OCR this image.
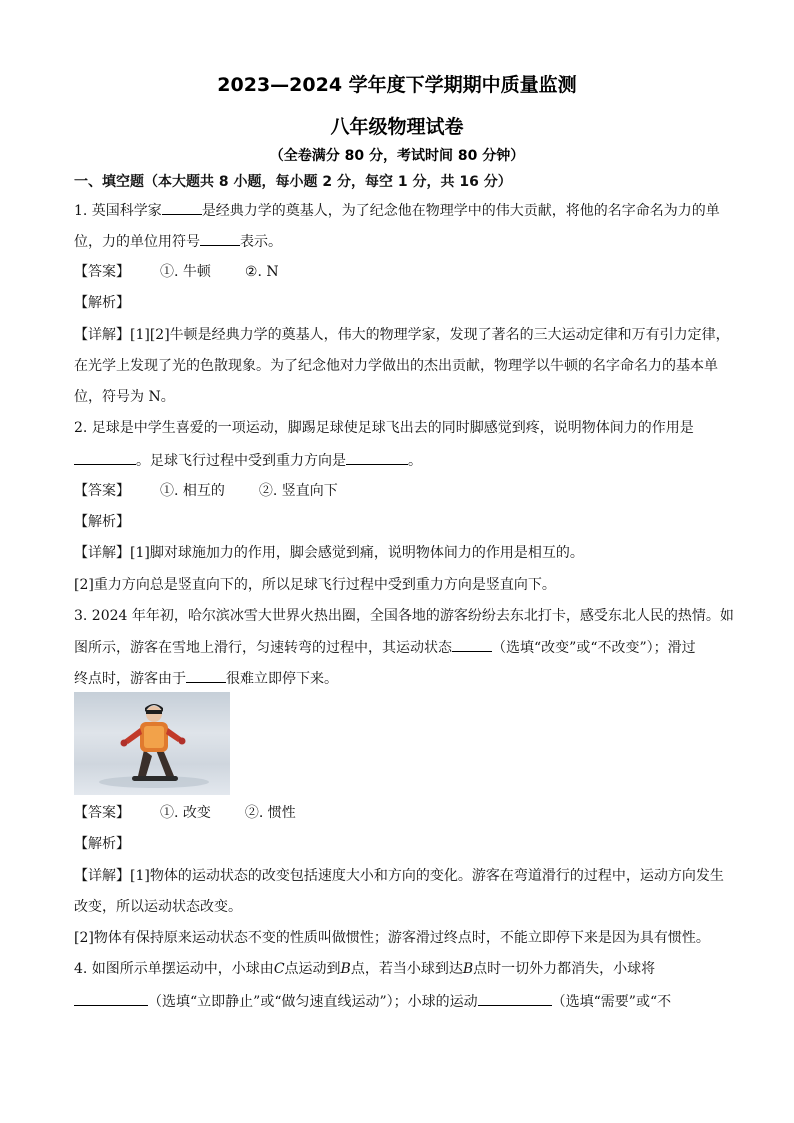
2023—2024 学年度下学期期中质量监测
八年级物理试卷
（全卷满分 80 分，考试时间 80 分钟）
一、填空题（本大题共 8 小题，每小题 2 分，每空 1 分，共 16 分）
1. 英国科学家	是经典力学的奠基人，为了纪念他在物理学中的伟大贡献，将他的名字命名为力的单
位，力的单位用符号	表示。
【答案】 ①. 牛顿 ②. N
【解析】
【详解】[1][2]牛顿是经典力学的奠基人，伟大的物理学家，发现了著名的三大运动定律和万有引力定律，
在光学上发现了光的色散现象。为了纪念他对力学做出的杰出贡献，物理学以牛顿的名字命名力的基本单
位，符号为 N。
2. 足球是中学生喜爱的一项运动，脚踢足球使足球飞出去的同时脚感觉到疼，说明物体间力的作用是
。足球飞行过程中受到重力方向是	。
【答案】 ①. 相互的 ②. 竖直向下
【解析】
【详解】[1]脚对球施加力的作用，脚会感觉到痛，说明物体间力的作用是相互的。
[2]重力方向总是竖直向下的，所以足球飞行过程中受到重力方向是竖直向下。
3. 2024 年年初，哈尔滨冰雪大世界火热出圈，全国各地的游客纷纷去东北打卡，感受东北人民的热情。如
图所示，游客在雪地上滑行，匀速转弯的过程中，其运动状态	（选填“改变”或“不改变”）；滑过
终点时，游客由于	很难立即停下来。
【答案】 ①. 改变 ②. 惯性
【解析】
【详解】[1]物体的运动状态的改变包括速度大小和方向的变化。游客在弯道滑行的过程中，运动方向发生
改变，所以运动状态改变。
[2]物体有保持原来运动状态不变的性质叫做惯性；游客滑过终点时，不能立即停下来是因为具有惯性。
4. 如图所示单摆运动中，小球由C点运动到B点，若当小球到达B点时一切外力都消失，小球将
（选填“立即静止”或“做匀速直线运动”）；小球的运动	（选填“需要”或“不
